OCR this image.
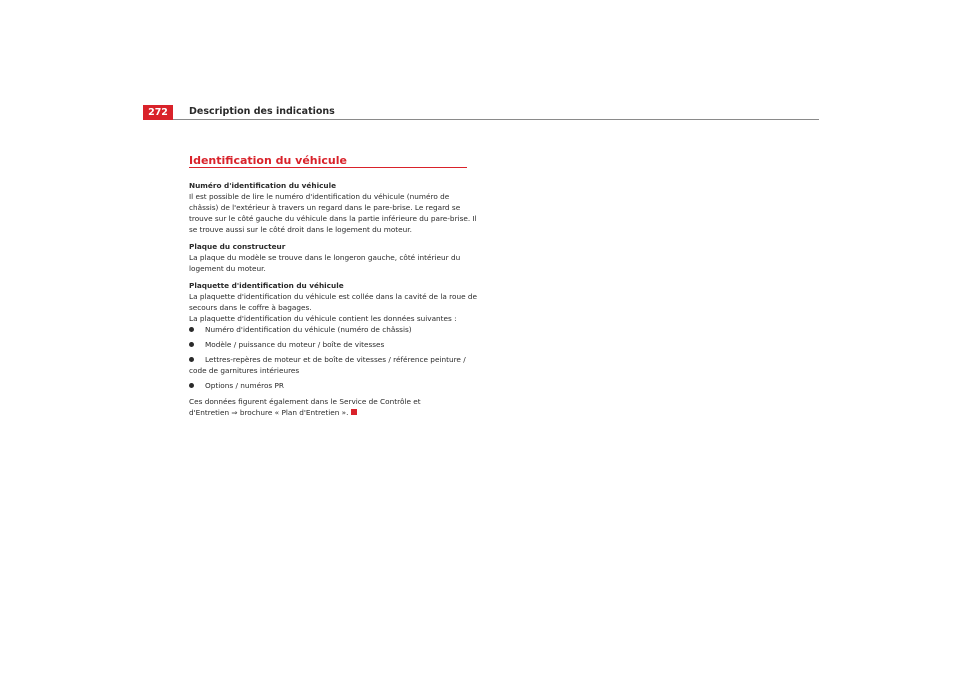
272	Description des indications
Identification du véhicule

Numéro d'identification du véhicule

Il est possible de lire le numéro d'identification du véhicule (numéro de châssis) de l'extérieur à travers un regard dans le pare-brise. Le regard se trouve sur le côté gauche du véhicule dans la partie inférieure du pare-brise. Il se trouve aussi sur le côté droit dans le logement du moteur.

Plaque du constructeur

La plaque du modèle se trouve dans le longeron gauche, côté intérieur du logement du moteur.

Plaquette d'identification du véhicule

La plaquette d'identification du véhicule est collée dans la cavité de la roue de secours dans le coffre à bagages.

La plaquette d'identification du véhicule contient les données suivantes :

Numéro d'identification du véhicule (numéro de châssis)
Modèle / puissance du moteur / boîte de vitesses
Lettres-repères de moteur et de boîte de vitesses / référence peinture / code de garnitures intérieures
Options / numéros PR

Ces données figurent également dans le Service de Contrôle et
d'Entretien ⇒ brochure « Plan d'Entretien ».
